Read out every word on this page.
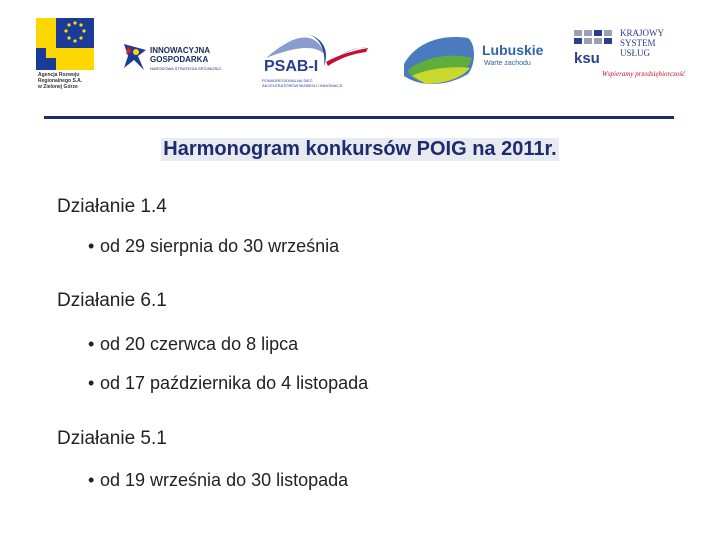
Agencja Rozwoju
Regionalnego S.A.
w Zielonej Górze
INNOWACYJNA
GOSPODARKA
NARODOWA STRATEGIA SPÓJNOŚCI	PSAB-I
PONADREGIONALNA SIEĆ
AKCELERATORÓW BIZNESU I INNOWACJI
Lubuskie
Warte zachodu	ksu
KRAJOWY
SYSTEM
USŁUG
Wspieramy przedsiębiorczość
Harmonogram konkursów POIG na 2011r.
Działanie 1.4
• od 29 sierpnia do 30 września
Działanie 6.1
• od 20 czerwca do 8 lipca
• od 17 października do 4 listopada
Działanie 5.1
• od 19 września do 30 listopada
